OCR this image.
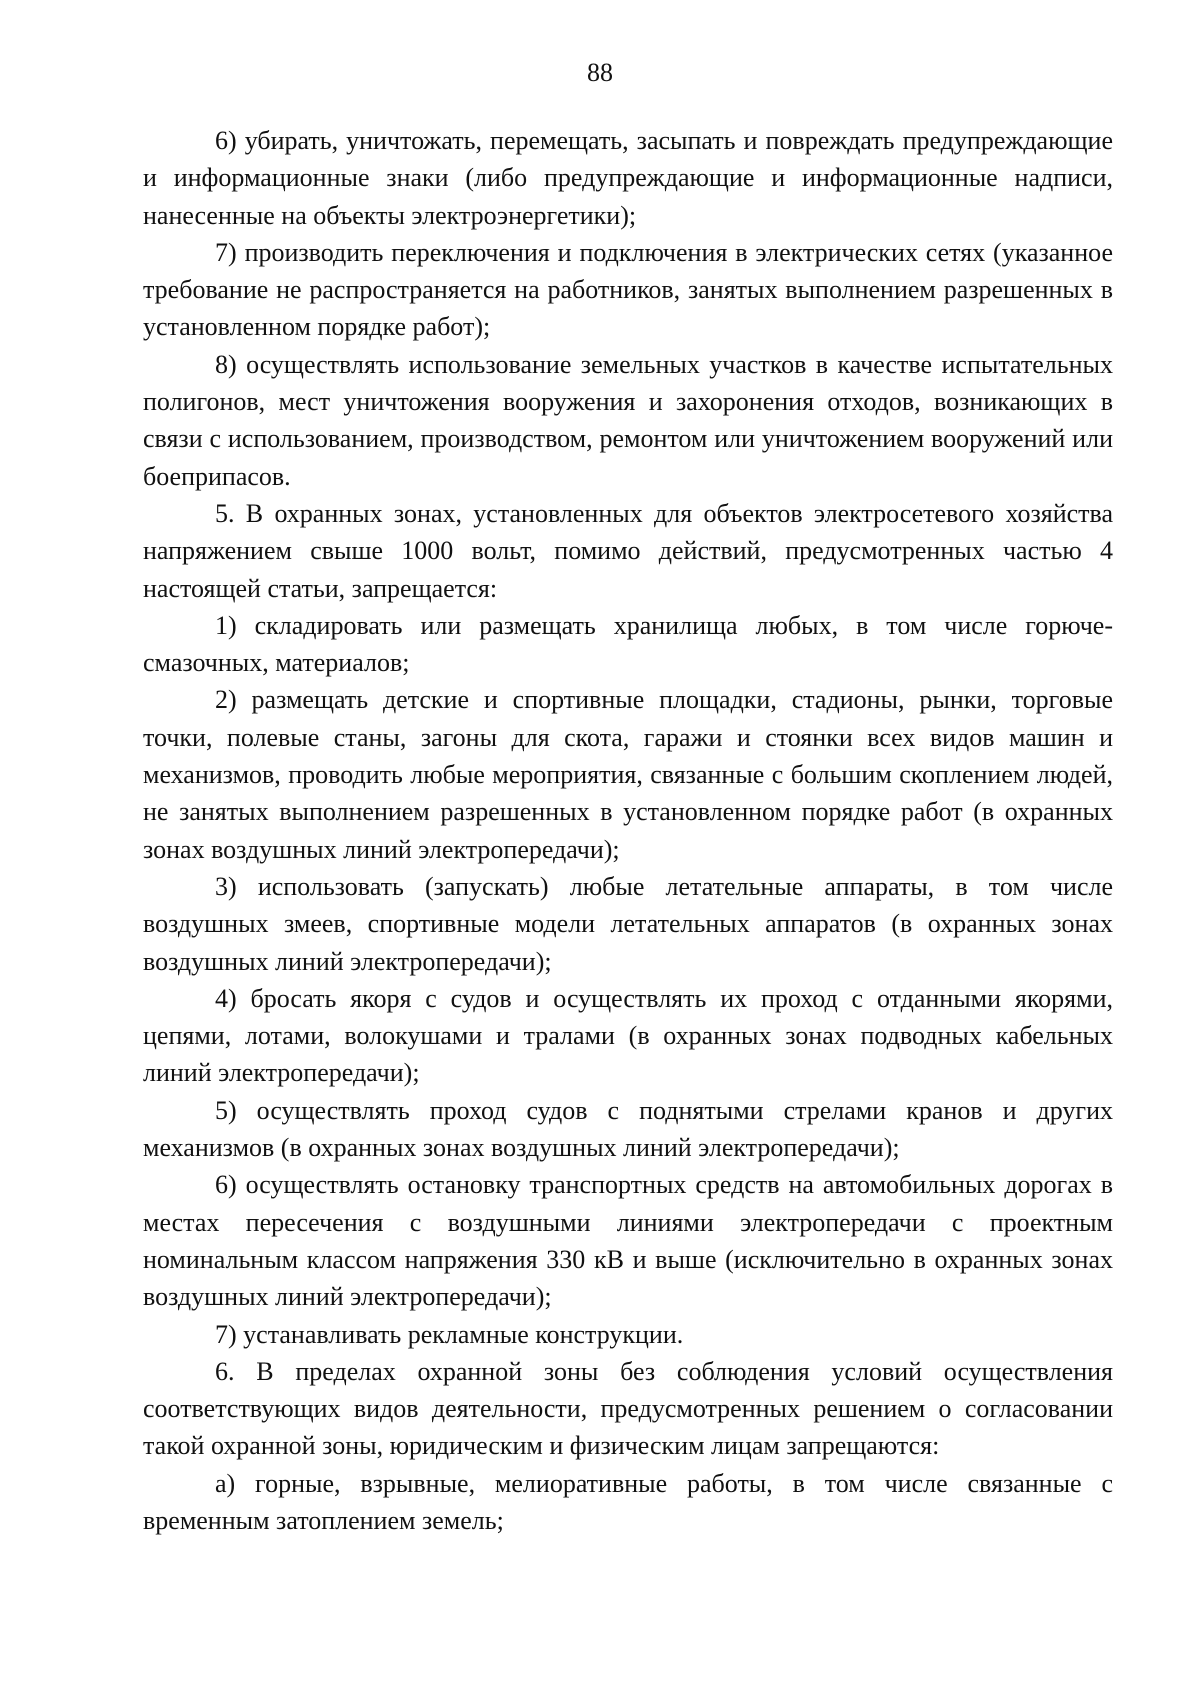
88

6) убирать, уничтожать, перемещать, засыпать и повреждать предупреждающие и информационные знаки (либо предупреждающие и информационные надписи, нанесенные на объекты электроэнергетики);

7) производить переключения и подключения в электрических сетях (указанное требование не распространяется на работников, занятых выполнением разрешенных в установленном порядке работ);

8) осуществлять использование земельных участков в качестве испытательных полигонов, мест уничтожения вооружения и захоронения отходов, возникающих в связи с использованием, производством, ремонтом или уничтожением вооружений или боеприпасов.

5. В охранных зонах, установленных для объектов электросетевого хозяйства напряжением свыше 1000 вольт, помимо действий, предусмотренных частью 4 настоящей статьи, запрещается:

1) складировать или размещать хранилища любых, в том числе горюче-смазочных, материалов;

2) размещать детские и спортивные площадки, стадионы, рынки, торговые точки, полевые станы, загоны для скота, гаражи и стоянки всех видов машин и механизмов, проводить любые мероприятия, связанные с большим скоплением людей, не занятых выполнением разрешенных в установленном порядке работ (в охранных зонах воздушных линий электропередачи);

3) использовать (запускать) любые летательные аппараты, в том числе воздушных змеев, спортивные модели летательных аппаратов (в охранных зонах воздушных линий электропередачи);

4) бросать якоря с судов и осуществлять их проход с отданными якорями, цепями, лотами, волокушами и тралами (в охранных зонах подводных кабельных линий электропередачи);

5) осуществлять проход судов с поднятыми стрелами кранов и других механизмов (в охранных зонах воздушных линий электропередачи);

6) осуществлять остановку транспортных средств на автомобильных дорогах в местах пересечения с воздушными линиями электропередачи с проектным номинальным классом напряжения 330 кВ и выше (исключительно в охранных зонах воздушных линий электропередачи);

7) устанавливать рекламные конструкции.

6. В пределах охранной зоны без соблюдения условий осуществления соответствующих видов деятельности, предусмотренных решением о согласовании такой охранной зоны, юридическим и физическим лицам запрещаются:

а) горные, взрывные, мелиоративные работы, в том числе связанные с временным затоплением земель;
